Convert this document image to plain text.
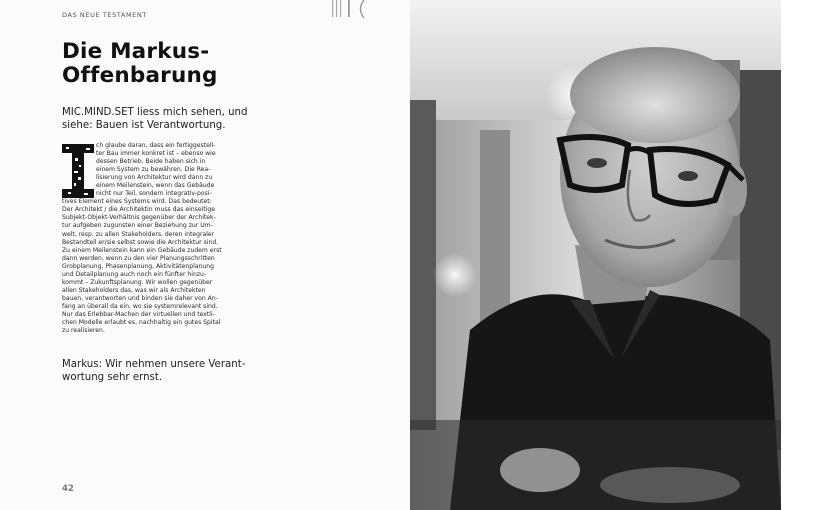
DAS NEUE TESTAMENT
Die Markus-
Offenbarung
MIC.MIND.SET liess mich sehen, und
siehe: Bauen ist Verantwortung.
ch glaube daran, dass ein fertiggestell-
ter Bau immer konkret ist – ebenso wie
dessen Betrieb. Beide haben sich in
einem System zu bewähren. Die Rea-
lisierung von Architektur wird dann zu
einem Meilenstein, wenn das Gebäude
nicht nur Teil, sondern integrativ-posi-
tives Element eines Systems wird. Das bedeutet:
Der Architekt / die Architektin muss das einseitige
Subjekt-Objekt-Verhältnis gegenüber der Architek-
tur aufgeben zugunsten einer Beziehung zur Um-
welt, resp. zu allen Stakeholders, deren integraler
Bestandteil er/sie selbst sowie die Architektur sind.
Zu einem Meilenstein kann ein Gebäude zudem erst
dann werden, wenn zu den vier Planungsschritten
Grobplanung, Phasenplanung, Aktivitätenplanung
und Detailplanung auch noch ein fünfter hinzu-
kommt – Zukunftsplanung. Wir wollen gegenüber
allen Stakeholders das, was wir als Architekten
bauen, verantworten und binden sie daher von An-
fang an überall da ein, wo sie systemrelevant sind.
Nur das Erlebbar-Machen der virtuellen und textli-
chen Modelle erlaubt es, nachhaltig ein gutes Spital
zu realisieren.
Markus: Wir nehmen unsere Verant-
wortung sehr ernst.
42
